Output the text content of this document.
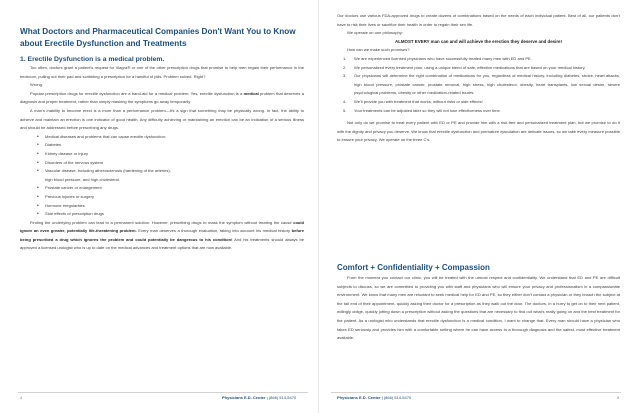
What Doctors and Pharmaceutical Companies Don't Want You to Know about Erectile Dysfunction and Treatments
1. Erectile Dysfunction is a medical problem.

Too often, doctors grant a patient's request for Viagra® or one of the other prescription drugs that promise to help men regain their performance in the bedroom, pulling out their pad and scribbling a prescription for a handful of pills. Problem solved. Right?

Wrong.

Popular prescription drugs for erectile dysfunction are a band-aid for a medical problem. Yes, erectile dysfunction is a medical problem that deserves a diagnosis and proper treatment, rather than simply masking the symptoms go away temporarily.

A man's inability to become erect is a more than a performance problem—it's a sign that something may be physically wrong. In fact, the ability to achieve and maintain an erection is one indicator of good health. Any difficulty achieving or maintaining an erection can be an indication of a serious illness and should be addressed before prescribing any drugs.

• Medical diseases and problems that can cause erectile dysfunction:
• Diabetes
• Kidney disease or injury
• Disorders of the nervous system
• Vascular disease, including atherosclerosis (hardening of the arteries),
high blood pressure, and high cholesterol.
• Prostate cancer or enlargement
• Previous injuries or surgery
• Hormone irregularities
• Side effects of prescription drugs

Finding the underlying problem can lead to a permanent solution. However, prescribing drugs to mask the symptom without treating the cause could ignore an even greater, potentially life-threatening problem. Every man deserves a thorough evaluation, taking into account his medical history before being prescribed a drug which ignores the problem and could potentially be dangerous to his condition! And his treatments should always be approved a licensed urologist who is up to date on the medical advances and treatment options that are now available.

4	Physicians E.D. Center | (866) 514-5470

Our doctors use various FDA-approved drugs to create dozens of combinations based on the needs of each individual patient. Best of all, our patients don't have to risk their lives or sacrifice their health in order to regain their sex life.

We operate on one philosophy:

ALMOST EVERY man can and will achieve the erection they deserve and desire!

How can we make such promises?

1. We are experienced licensed physicians who have successfully treated many men with ED and PE.
2. We personalized every treatment plan, using a unique blend of safe, effective medications that are based on your medical history.
3. Our physicians will determine the right combination of medications for you, regardless of medical history, including diabetes, stroke, heart attacks, high blood pressure, prostate cancer, prostate removal, high stress, high cholesterol, obesity, heart transplants, low sexual desire, severe psychological problems, obesity or other medication-related issues.
4. We'll provide you with treatment that works, without risks or side effects!
5. Your treatments can be adjusted later so they will not lose effectiveness over time.

Not only do we promise to treat every patient with ED or PE and provide him with a risk-free and personalized treatment plan, but we promise to do it with the dignity and privacy you deserve. We know that erectile dysfunction and premature ejaculation are delicate issues, so we take every measure possible to ensure your privacy. We operate on the three C's:

Comfort + Confidentiality + Compassion

From the moment you contact our clinic, you will be treated with the utmost respect and confidentiality. We understand that ED and PE are difficult subjects to discuss, so we are committed to providing you with staff and physicians who will ensure your privacy and professionalism in a compassionate environment. We know that many men are reluctant to seek medical help for ED and PE, so they either don't contact a physician or they broach the subject at the tail end of their appointment, quickly asking their doctor for a prescription as they walk out the door. The doctors, in a hurry to get on to their next patient, willingly oblige, quickly jotting down a prescription without asking the questions that are necessary to find out what's really going on and the best treatment for the patient. As a urologist who understands that erectile dysfunction is a medical condition, I want to change that. Every man should have a physician who takes ED seriously and provides him with a comfortable setting where he can have access to a thorough diagnosis and the safest, most effective treatment available.

Physicians E.D. Center | (866) 514-5470	5
